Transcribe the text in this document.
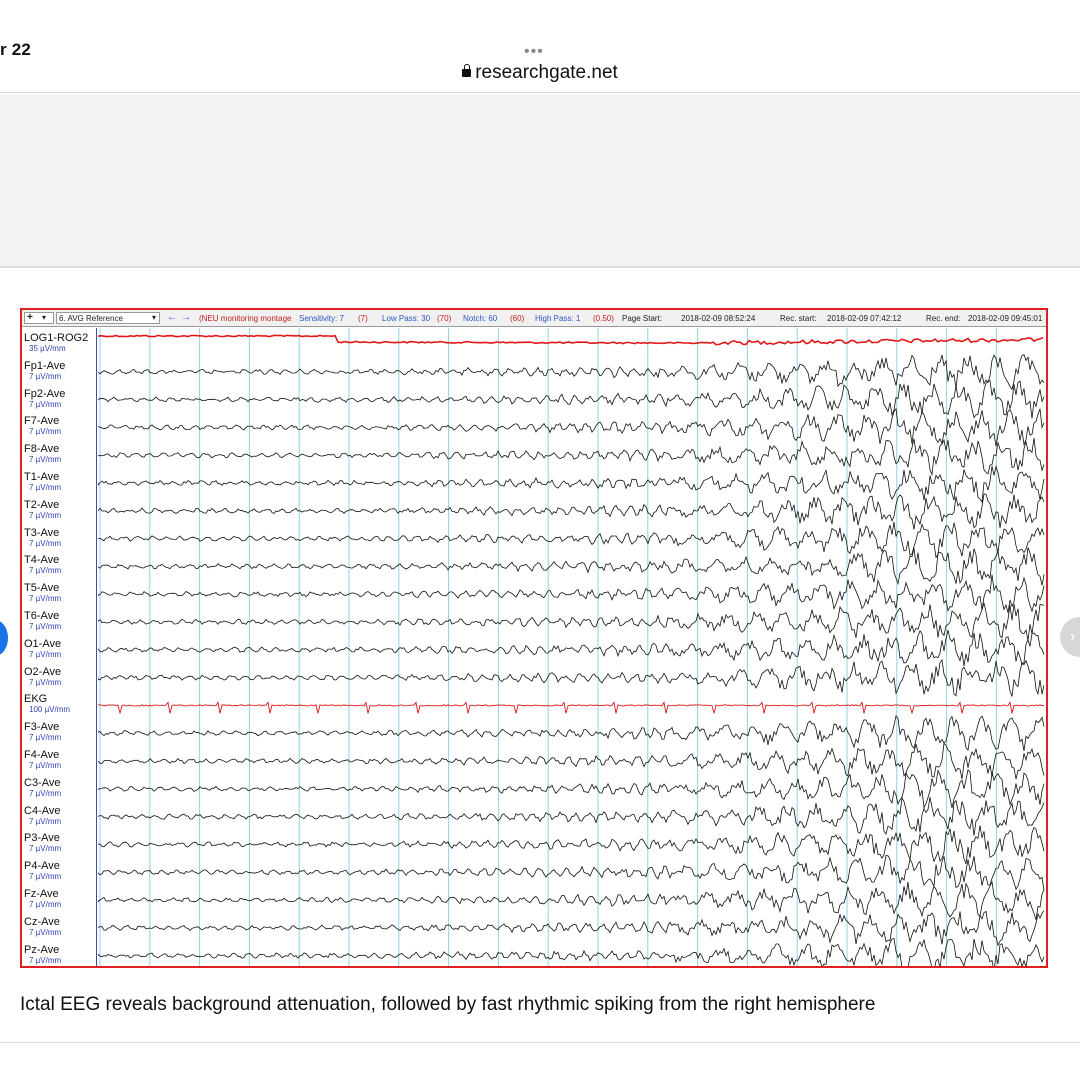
r 22	•••
researchgate.net
+ ▾ 6. AVG Reference	▾ ← → (NEU monitoring montage Sensitivity: 7 (7) Low Pass: 30 (70) Notch: 60 (60) High Pass: 1 (0.50) Page Start: 2018-02-09 08:52:24	Rec. start: 2018-02-09 07:42:12	Rec. end: 2018-02-09 09:45:01
LOG1-ROG2
35 µV/mm
Fp1-Ave
7 µV/mm
Fp2-Ave
7 µV/mm
F7-Ave
7 µV/mm
F8-Ave
7 µV/mm
T1-Ave
7 µV/mm
T2-Ave
7 µV/mm
T3-Ave
7 µV/mm
T4-Ave
7 µV/mm
T5-Ave
7 µV/mm
T6-Ave
7 µV/mm
O1-Ave
7 µV/mm
O2-Ave
7 µV/mm
EKG
100 µV/mm
F3-Ave
7 µV/mm
F4-Ave
7 µV/mm
C3-Ave
7 µV/mm
C4-Ave
7 µV/mm
P3-Ave
7 µV/mm
P4-Ave
7 µV/mm
Fz-Ave
7 µV/mm
Cz-Ave
7 µV/mm
Pz-Ave
7 µV/mm
›
Ictal EEG reveals background attenuation, followed by fast rhythmic spiking from the right hemisphere
